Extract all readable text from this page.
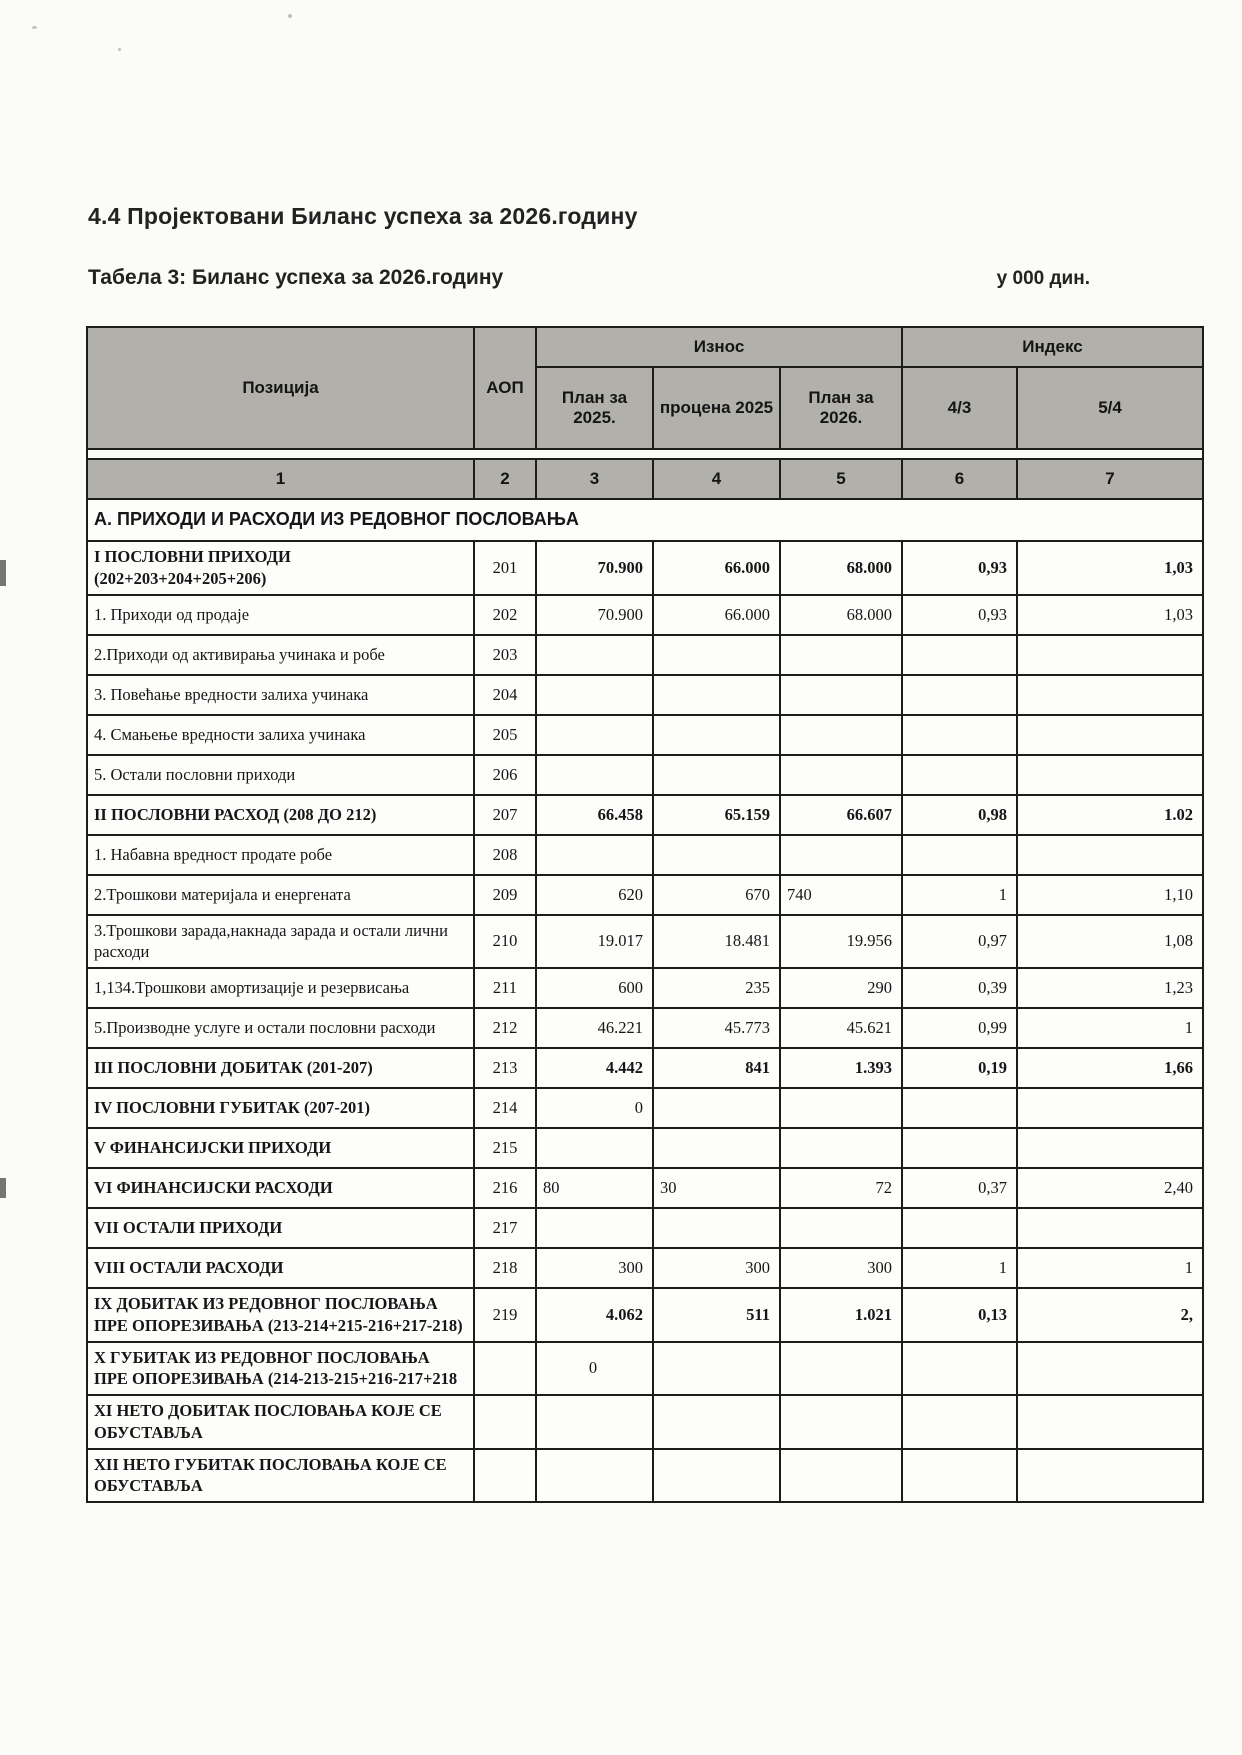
4.4 Пројектовани Биланс успеха за 2026.годину
Табела 3: Биланс успеха за 2026.годину	у 000 дин.
Позиција	АОП	Износ			Индекс	
		План за 2025.	процена 2025	План за 2026.	4/3	5/4

1	2	3	4	5	6	7
А. ПРИХОДИ И РАСХОДИ ИЗ РЕДОВНОГ ПОСЛОВАЊА						
I ПОСЛОВНИ ПРИХОДИ (202+203+204+205+206)	201	70.900	66.000	68.000	0,93	1,03
1. Приходи од продаје	202	70.900	66.000	68.000	0,93	1,03
2.Приходи од активирања учинака и робе	203					
3. Повећање вредности залиха учинака	204					
4. Смањење вредности залиха учинака	205					
5. Остали пословни приходи	206					
II ПОСЛОВНИ РАСХОД (208 ДО 212)	207	66.458	65.159	66.607	0,98	1.02
1. Набавна вредност продате робе	208					
2.Трошкови материјала и енергената	209	620	670	740	1	1,10
3.Трошкови зарада,накнада зарада и остали лични расходи	210	19.017	18.481	19.956	0,97	1,08
1,134.Трошкови амортизације и резервисања	211	600	235	290	0,39	1,23
5.Производне услуге и остали пословни расходи	212	46.221	45.773	45.621	0,99	1
III ПОСЛОВНИ ДОБИТАК (201-207)	213	4.442	841	1.393	0,19	1,66
IV ПОСЛОВНИ ГУБИТАК (207-201)	214	0				
V ФИНАНСИЈСКИ ПРИХОДИ	215					
VI ФИНАНСИЈСКИ РАСХОДИ	216	80	30	72	0,37	2,40
VII ОСТАЛИ ПРИХОДИ	217					
VIII ОСТАЛИ РАСХОДИ	218	300	300	300	1	1
IX ДОБИТАК ИЗ РЕДОВНОГ ПОСЛОВАЊА ПРЕ ОПОРЕЗИВАЊА (213-214+215-216+217-218)	219	4.062	511	1.021	0,13	2,
X ГУБИТАК ИЗ РЕДОВНОГ ПОСЛОВАЊА ПРЕ ОПОРЕЗИВАЊА (214-213-215+216-217+218		0				
XI НЕТО ДОБИТАК ПОСЛОВАЊА КОЈЕ СЕ ОБУСТАВЉА						
XII НЕТО ГУБИТАК ПОСЛОВАЊА КОЈЕ СЕ ОБУСТАВЉА						
